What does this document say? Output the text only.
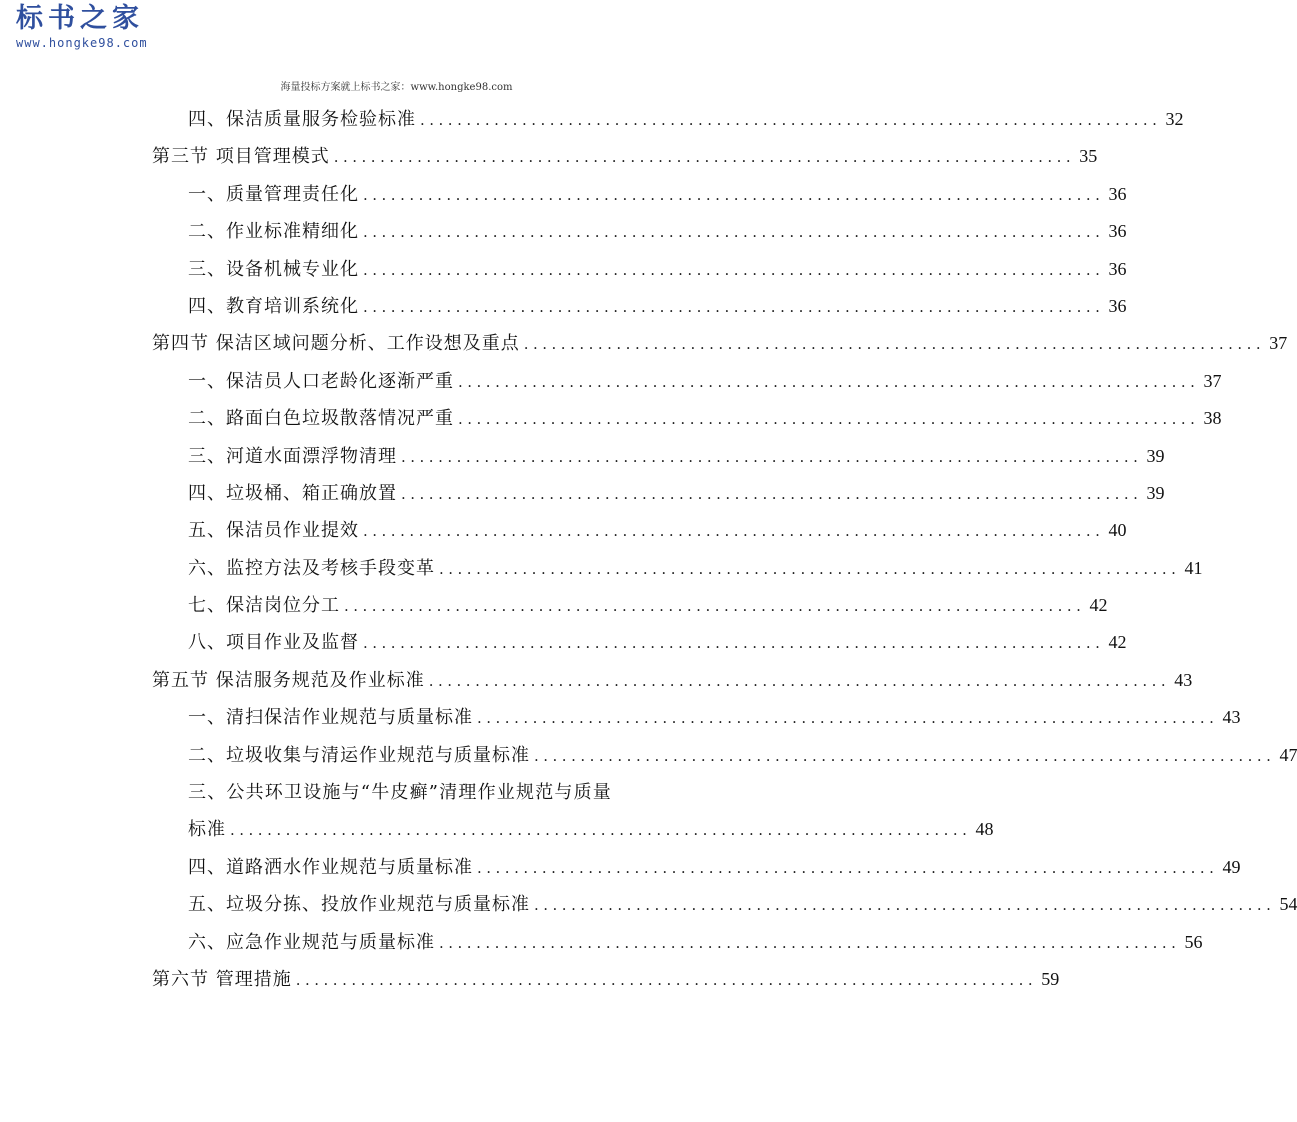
标书之家
www.hongke98.com
海量投标方案就上标书之家：www.hongke98.com
四、保洁质量服务检验标准 ................................................................................ 32
第三节 项目管理模式 ................................................................................ 35
一、质量管理责任化 ................................................................................ 36
二、作业标准精细化 ................................................................................ 36
三、设备机械专业化 ................................................................................ 36
四、教育培训系统化 ................................................................................ 36
第四节 保洁区域问题分析、工作设想及重点 ................................................................................ 37
一、保洁员人口老龄化逐渐严重 ................................................................................ 37
二、路面白色垃圾散落情况严重 ................................................................................ 38
三、河道水面漂浮物清理 ................................................................................ 39
四、垃圾桶、箱正确放置 ................................................................................ 39
五、保洁员作业提效 ................................................................................ 40
六、监控方法及考核手段变革 ................................................................................ 41
七、保洁岗位分工 ................................................................................ 42
八、项目作业及监督 ................................................................................ 42
第五节 保洁服务规范及作业标准 ................................................................................ 43
一、清扫保洁作业规范与质量标准 ................................................................................ 43
二、垃圾收集与清运作业规范与质量标准 ................................................................................ 47
三、公共环卫设施与“牛皮癣”清理作业规范与质量
标准 ................................................................................ 48
四、道路洒水作业规范与质量标准 ................................................................................ 49
五、垃圾分拣、投放作业规范与质量标准 ................................................................................ 54
六、应急作业规范与质量标准 ................................................................................ 56
第六节 管理措施 ................................................................................ 59
